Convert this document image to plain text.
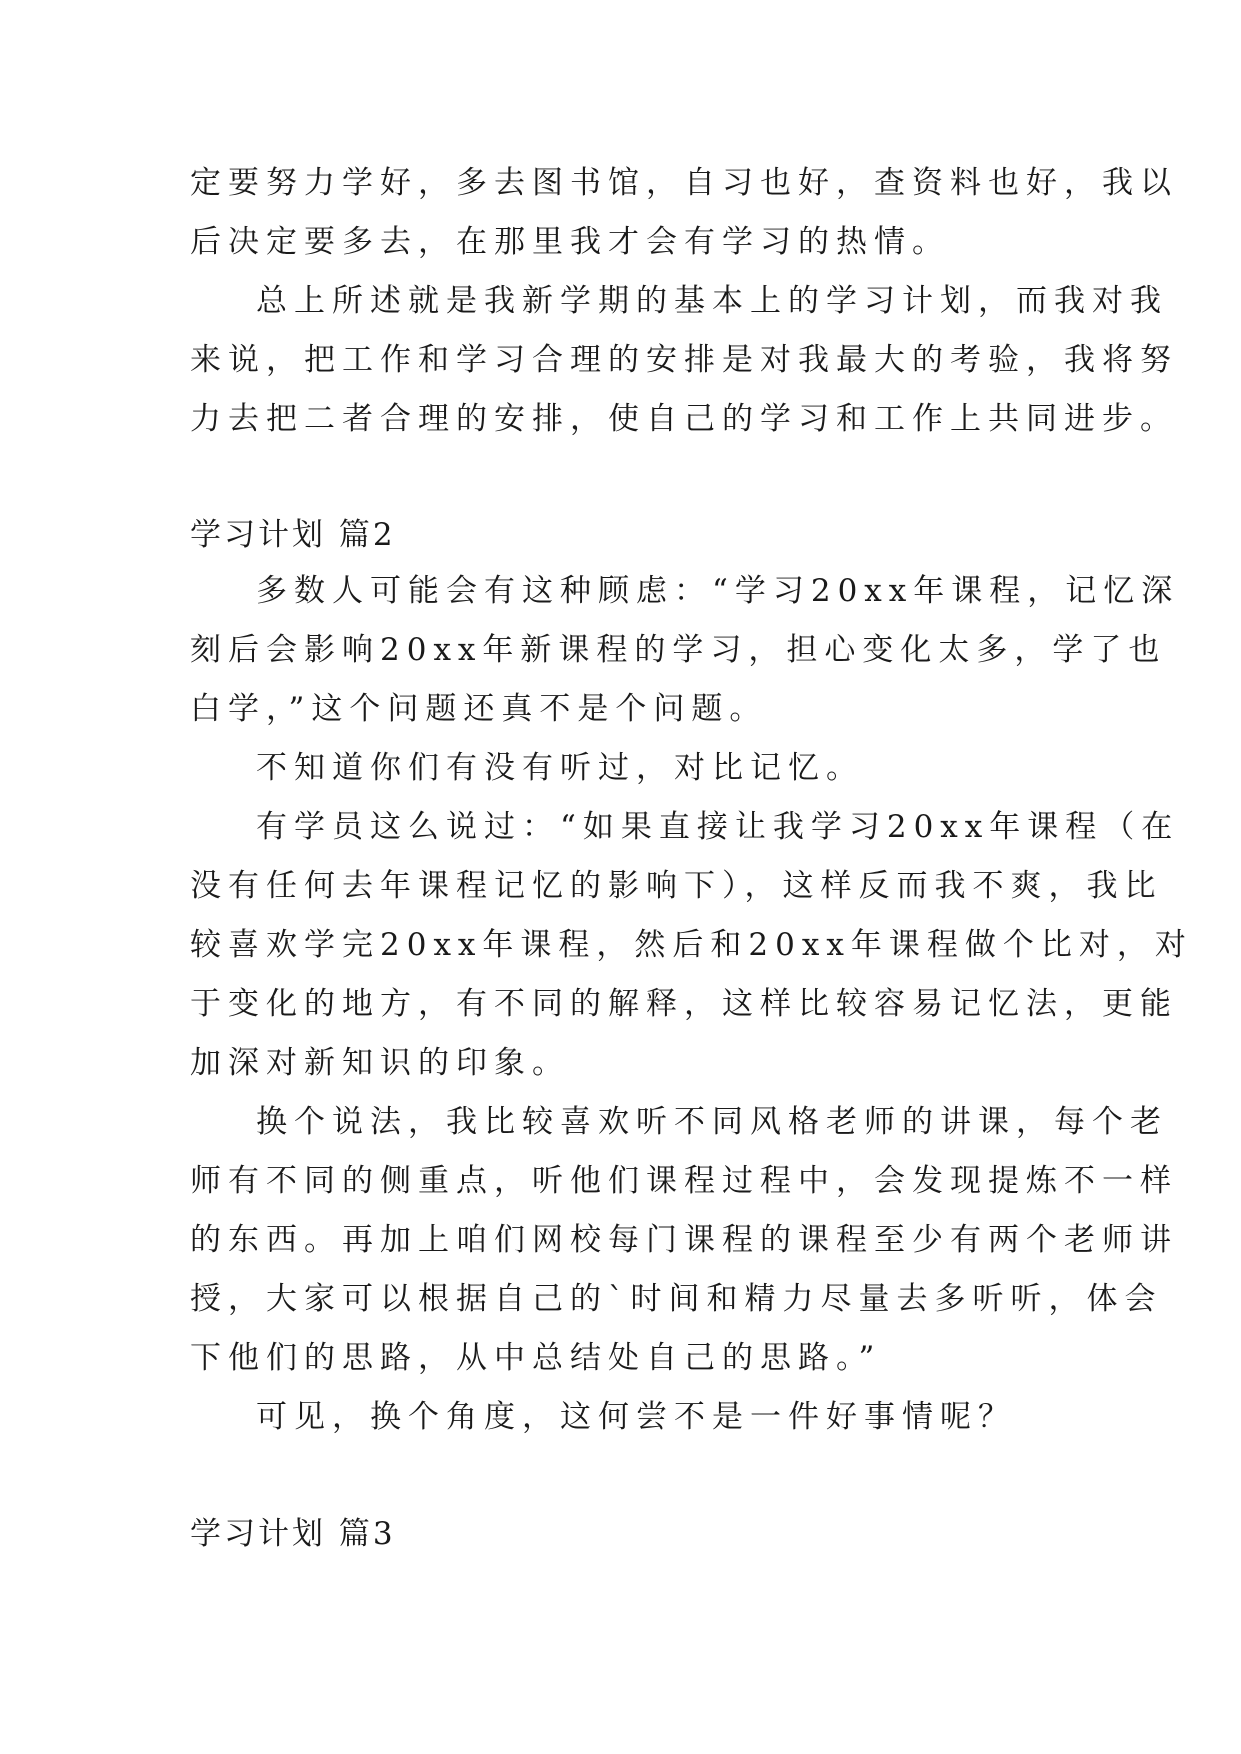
定要努力学好，多去图书馆，自习也好，查资料也好，我以
后决定要多去，在那里我才会有学习的热情。
总上所述就是我新学期的基本上的学习计划，而我对我
来说，把工作和学习合理的安排是对我最大的考验，我将努
力去把二者合理的安排，使自己的学习和工作上共同进步。
学习计划 篇2
多数人可能会有这种顾虑：“学习20xx年课程，记忆深
刻后会影响20xx年新课程的学习，担心变化太多，学了也
白学，”这个问题还真不是个问题。
不知道你们有没有听过，对比记忆。
有学员这么说过：“如果直接让我学习20xx年课程（在
没有任何去年课程记忆的影响下），这样反而我不爽，我比
较喜欢学完20xx年课程，然后和20xx年课程做个比对，对
于变化的地方，有不同的解释，这样比较容易记忆法，更能
加深对新知识的印象。
换个说法，我比较喜欢听不同风格老师的讲课，每个老
师有不同的侧重点，听他们课程过程中，会发现提炼不一样
的东西。再加上咱们网校每门课程的课程至少有两个老师讲
授，大家可以根据自己的`时间和精力尽量去多听听，体会
下他们的思路，从中总结处自己的思路。”
可见，换个角度，这何尝不是一件好事情呢？
学习计划 篇3
